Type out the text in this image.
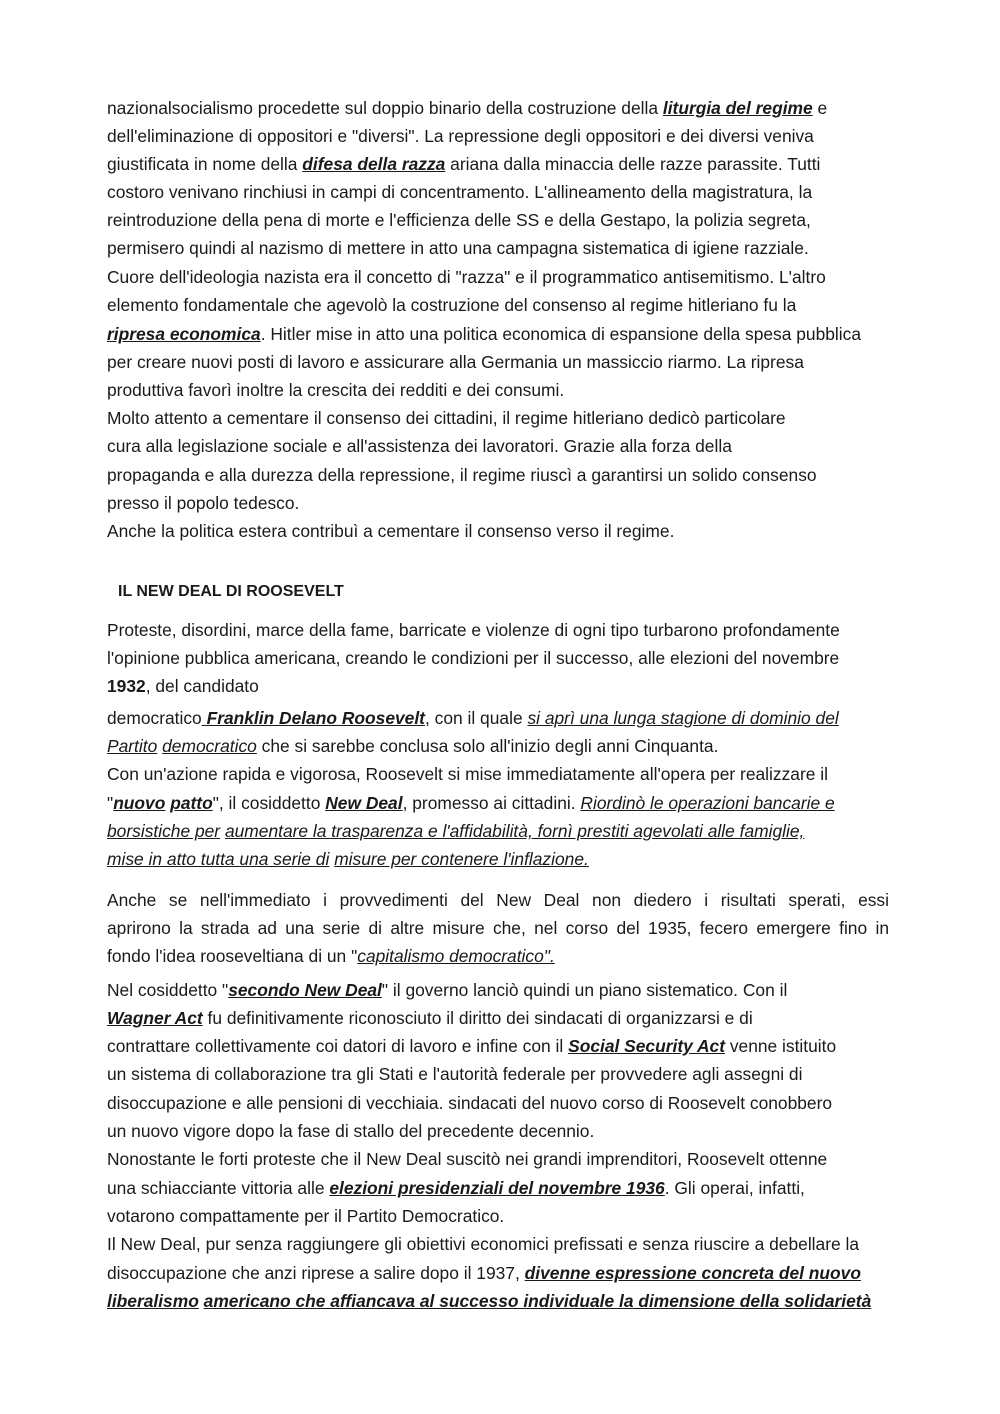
nazionalsocialismo procedette sul doppio binario della costruzione della liturgia del regime e

dell'eliminazione di oppositori e "diversi". La repressione degli oppositori e dei diversi veniva

giustificata in nome della difesa della razza ariana dalla minaccia delle razze parassite. Tutti

costoro venivano rinchiusi in campi di concentramento. L'allineamento della magistratura, la

reintroduzione della pena di morte e l'efficienza delle SS e della Gestapo, la polizia segreta,

permisero quindi al nazismo di mettere in atto una campagna sistematica di igiene razziale.

Cuore dell'ideologia nazista era il concetto di "razza" e il programmatico antisemitismo. L'altro

elemento fondamentale che agevolò la costruzione del consenso al regime hitleriano fu la

ripresa economica. Hitler mise in atto una politica economica di espansione della spesa pubblica

per creare nuovi posti di lavoro e assicurare alla Germania un massiccio riarmo. La ripresa

produttiva favorì inoltre la crescita dei redditi e dei consumi.

Molto attento a cementare il consenso dei cittadini, il regime hitleriano dedicò particolare

cura alla legislazione sociale e all'assistenza dei lavoratori. Grazie alla forza della

propaganda e alla durezza della repressione, il regime riuscì a garantirsi un solido consenso

presso il popolo tedesco.

Anche la politica estera contribuì a cementare il consenso verso il regime.

IL NEW DEAL DI ROOSEVELT

Proteste, disordini, marce della fame, barricate e violenze di ogni tipo turbarono profondamente

l'opinione pubblica americana, creando le condizioni per il successo, alle elezioni del novembre

1932, del candidato

democratico Franklin Delano Roosevelt, con il quale si aprì una lunga stagione di dominio del

Partito democratico che si sarebbe conclusa solo all'inizio degli anni Cinquanta.

Con un'azione rapida e vigorosa, Roosevelt si mise immediatamente all'opera per realizzare il

"nuovo patto", il cosiddetto New Deal, promesso ai cittadini. Riordinò le operazioni bancarie e

borsistiche per aumentare la trasparenza e l'affidabilità, fornì prestiti agevolati alle famiglie,

mise in atto tutta una serie di misure per contenere l'inflazione.

Anche se nell'immediato i provvedimenti del New Deal non diedero i risultati sperati, essi

aprirono la strada ad una serie di altre misure che, nel corso del 1935, fecero emergere fino in

fondo l'idea rooseveltiana di un "capitalismo democratico".

Nel cosiddetto "secondo New Deal" il governo lanciò quindi un piano sistematico. Con il

Wagner Act fu definitivamente riconosciuto il diritto dei sindacati di organizzarsi e di

contrattare collettivamente coi datori di lavoro e infine con il Social Security Act venne istituito

un sistema di collaborazione tra gli Stati e l'autorità federale per provvedere agli assegni di

disoccupazione e alle pensioni di vecchiaia. sindacati del nuovo corso di Roosevelt conobbero

un nuovo vigore dopo la fase di stallo del precedente decennio.

Nonostante le forti proteste che il New Deal suscitò nei grandi imprenditori, Roosevelt ottenne

una schiacciante vittoria alle elezioni presidenziali del novembre 1936. Gli operai, infatti,

votarono compattamente per il Partito Democratico.

Il New Deal, pur senza raggiungere gli obiettivi economici prefissati e senza riuscire a debellare la

disoccupazione che anzi riprese a salire dopo il 1937, divenne espressione concreta del nuovo

liberalismo americano che affiancava al successo individuale la dimensione della solidarietà
